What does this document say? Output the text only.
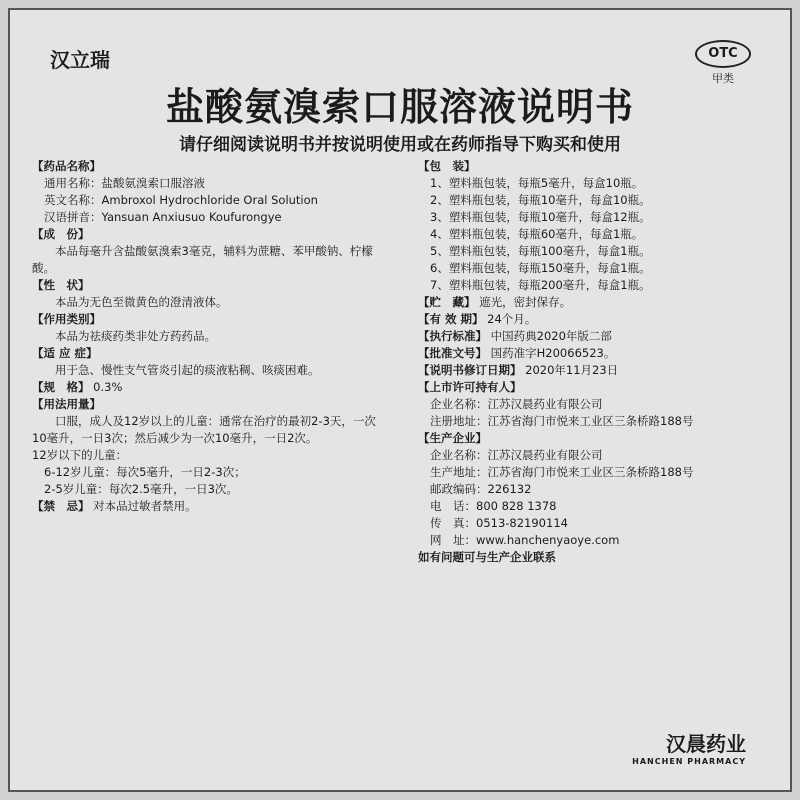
汉立瑞	OTC
甲类
盐酸氨溴索口服溶液说明书
请仔细阅读说明书并按说明使用或在药师指导下购买和使用

【药品名称】

通用名称：盐酸氨溴索口服溶液

英文名称：Ambroxol Hydrochloride Oral Solution

汉语拼音：Yansuan Anxiusuo Koufurongye

【成　份】

本品每毫升含盐酸氨溴索3毫克，辅料为蔗糖、苯甲酸钠、柠檬酸。

【性　状】

本品为无色至微黄色的澄清液体。

【作用类别】

本品为祛痰药类非处方药药品。

【适 应 症】

用于急、慢性支气管炎引起的痰液粘稠、咳痰困难。

【规　格】 0.3%

【用法用量】

口服，成人及12岁以上的儿童：通常在治疗的最初2-3天，一次10毫升，一日3次；然后减少为一次10毫升，一日2次。

12岁以下的儿童：

6-12岁儿童：每次5毫升，一日2-3次；

2-5岁儿童：每次2.5毫升，一日3次。

【禁　忌】 对本品过敏者禁用。

【包　装】

1、塑料瓶包装，每瓶5毫升，每盒10瓶。

2、塑料瓶包装，每瓶10毫升，每盒10瓶。

3、塑料瓶包装，每瓶10毫升，每盒12瓶。

4、塑料瓶包装，每瓶60毫升，每盒1瓶。

5、塑料瓶包装，每瓶100毫升，每盒1瓶。

6、塑料瓶包装，每瓶150毫升，每盒1瓶。

7、塑料瓶包装，每瓶200毫升，每盒1瓶。

【贮　藏】 遮光，密封保存。

【有 效 期】 24个月。

【执行标准】 中国药典2020年版二部

【批准文号】 国药准字H20066523。

【说明书修订日期】 2020年11月23日

【上市许可持有人】

企业名称：江苏汉晨药业有限公司

注册地址：江苏省海门市悦来工业区三条桥路188号

【生产企业】

企业名称：江苏汉晨药业有限公司

生产地址：江苏省海门市悦来工业区三条桥路188号

邮政编码：226132

电　话：800 828 1378

传　真：0513-82190114

网　址：www.hanchenyaoye.com

如有问题可与生产企业联系

汉晨药业
HANCHEN PHARMACY
